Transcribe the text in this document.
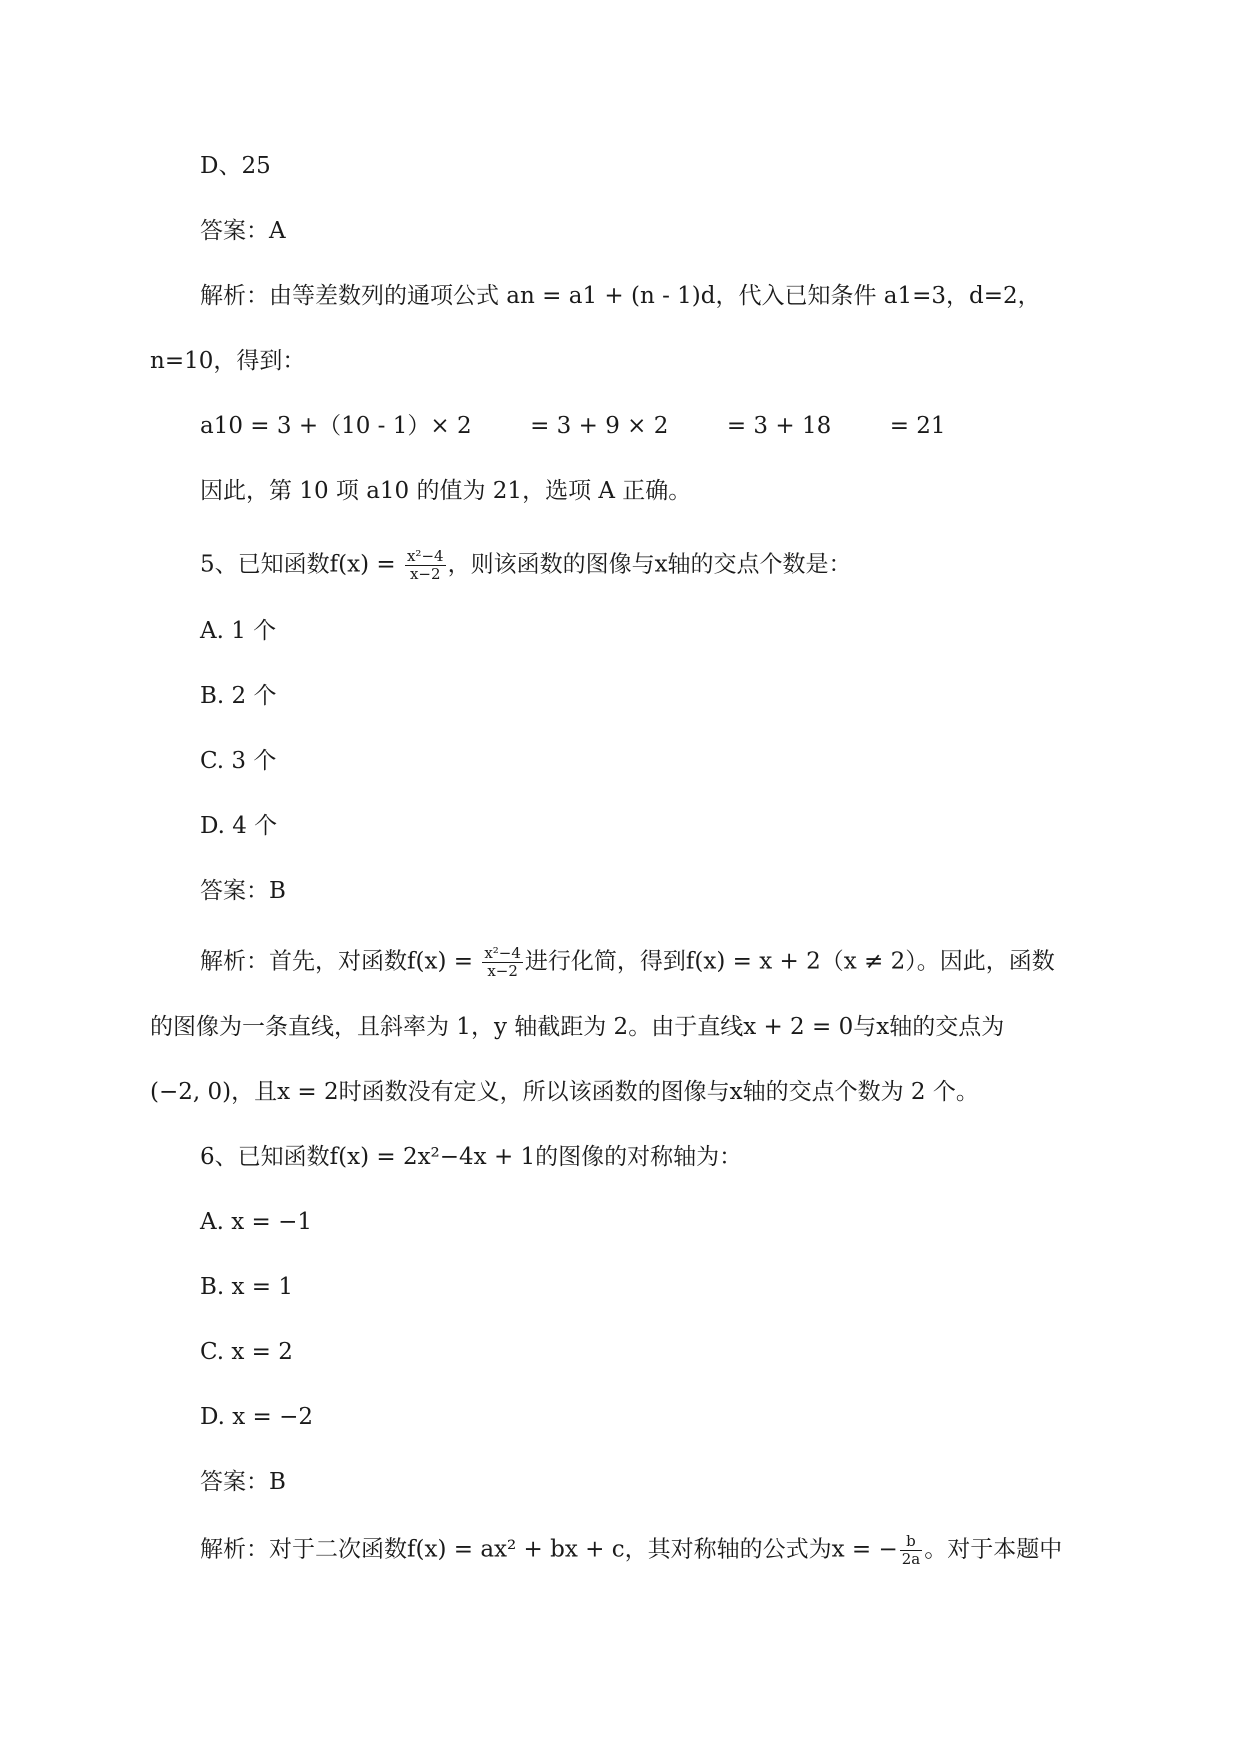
D、25
答案：A
解析：由等差数列的通项公式 an = a1 + (n - 1)d，代入已知条件 a1=3，d=2，
n=10，得到：
a10 = 3 +（10 - 1）× 2        = 3 + 9 × 2        = 3 + 18        = 21
因此，第 10 项 a10 的值为 21，选项 A 正确。
5、已知函数$f(x) = \frac{\text{x²−4}}{x-2}$ ，则该函数的图像与x轴的交点个数是：
A. 1 个
B. 2 个
C. 3 个
D. 4 个
答案：B
解析：首先，对函数$f(x) = \frac{\text{x²−4}}{x-2}$ 进行化简，得到f(x) = x + 2（x ≠ 2）。因此，函数
的图像为一条直线，且斜率为 1，y 轴截距为 2。由于直线x + 2 = 0与x轴的交点为
(−2, 0)，且x = 2时函数没有定义，所以该函数的图像与x轴的交点个数为 2 个。
6、已知函数f(x) = 2x²−4x + 1的图像的对称轴为：
A. x = −1
B. x = 1
C. x = 2
D. x = −2
答案：B
解析：对于二次函数f(x) = ax² + bx + c，其对称轴的公式为x = − $\frac{b}{2a}$ 。对于本题中
